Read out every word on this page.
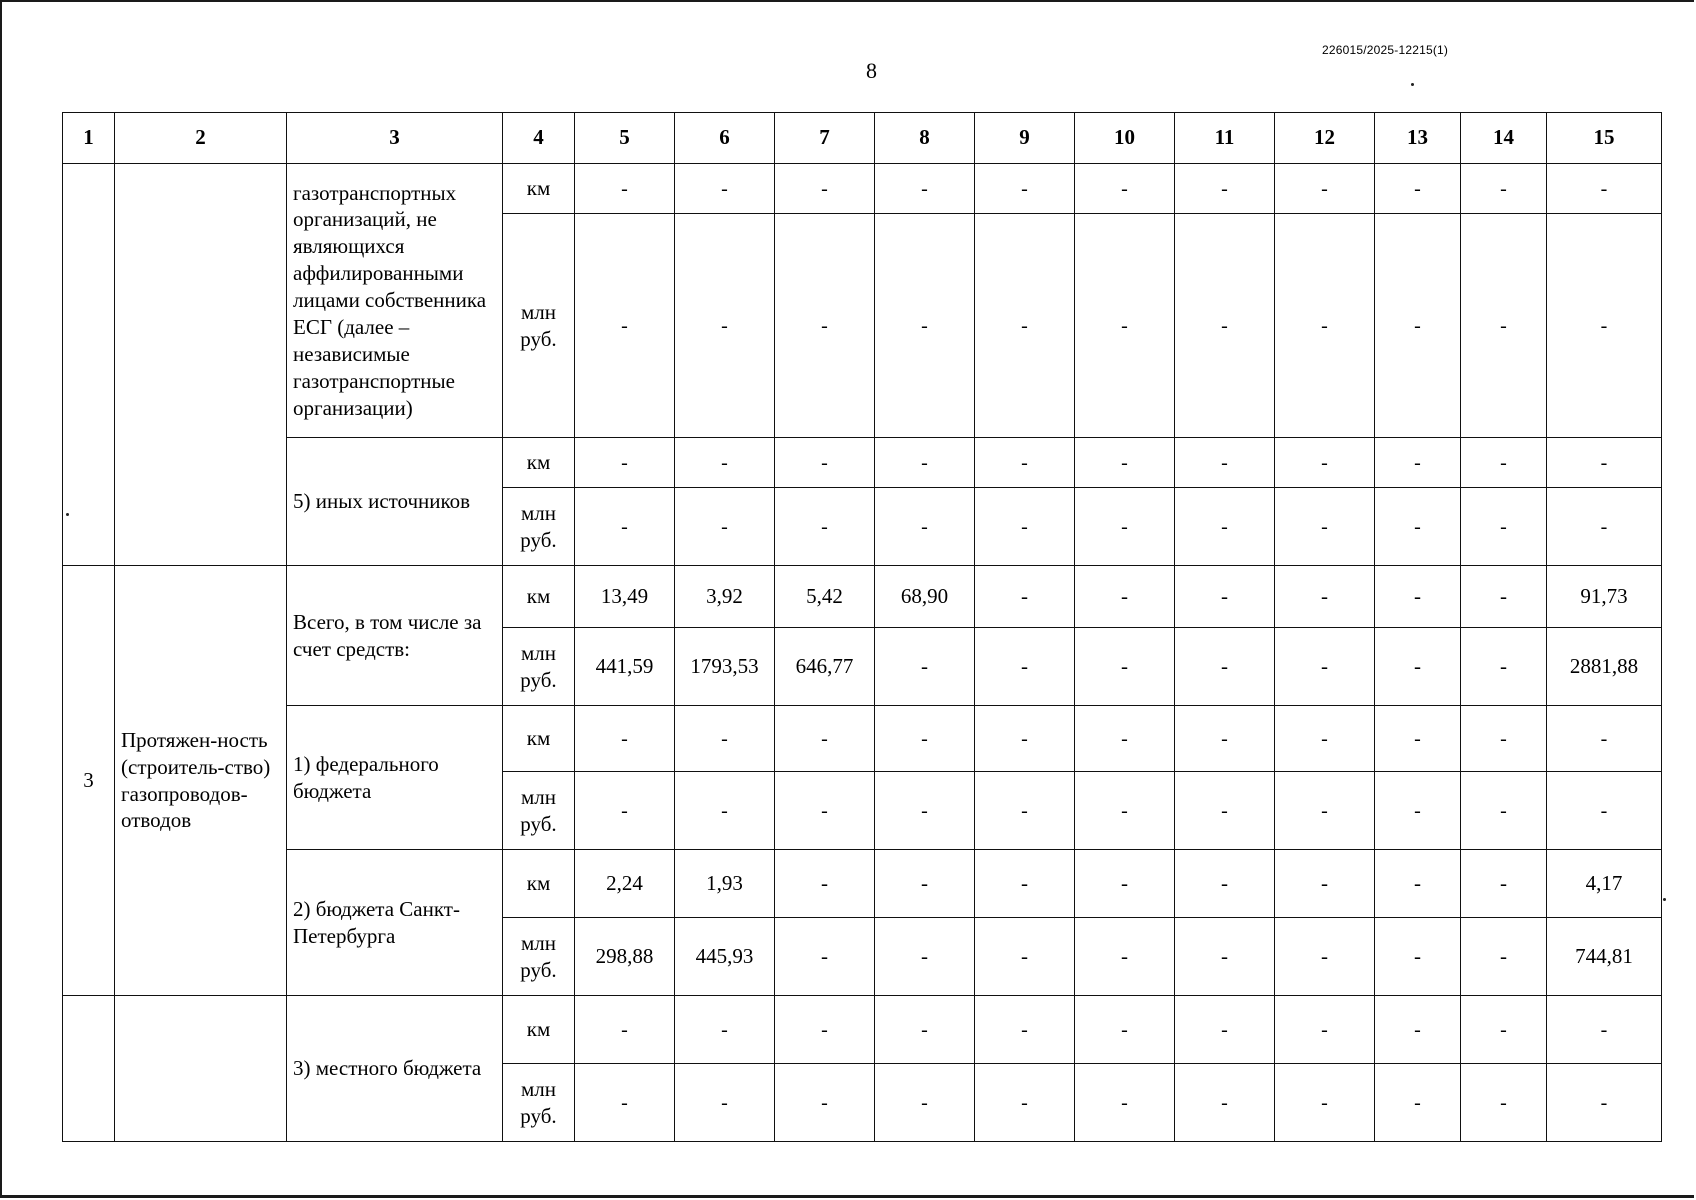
226015/2025-12215(1)
8
1	2	3	4	5	6	7	8	9	10	11	12	13	14	15
		газотранспортных организаций, не являющихся аффилированными лицами собственника ЕСГ (далее – независимые газотранспортные организации)	км	-	-	-	-	-	-	-	-	-	-	-
			млн руб.	-	-	-	-	-	-	-	-	-	-	-
		5) иных источников	км	-	-	-	-	-	-	-	-	-	-	-
			млн руб.	-	-	-	-	-	-	-	-	-	-	-
3	Протяжен-ность (строитель-ство) газопроводов-отводов	Всего, в том числе за счет средств:	км	13,49	3,92	5,42	68,90	-	-	-	-	-	-	91,73
			млн руб.	441,59	1793,53	646,77	-	-	-	-	-	-	-	2881,88
		1) федерального бюджета	км	-	-	-	-	-	-	-	-	-	-	-
			млн руб.	-	-	-	-	-	-	-	-	-	-	-
		2) бюджета Санкт-Петербурга	км	2,24	1,93	-	-	-	-	-	-	-	-	4,17
			млн руб.	298,88	445,93	-	-	-	-	-	-	-	-	744,81
		3) местного бюджета	км	-	-	-	-	-	-	-	-	-	-	-
			млн руб.	-	-	-	-	-	-	-	-	-	-	-
